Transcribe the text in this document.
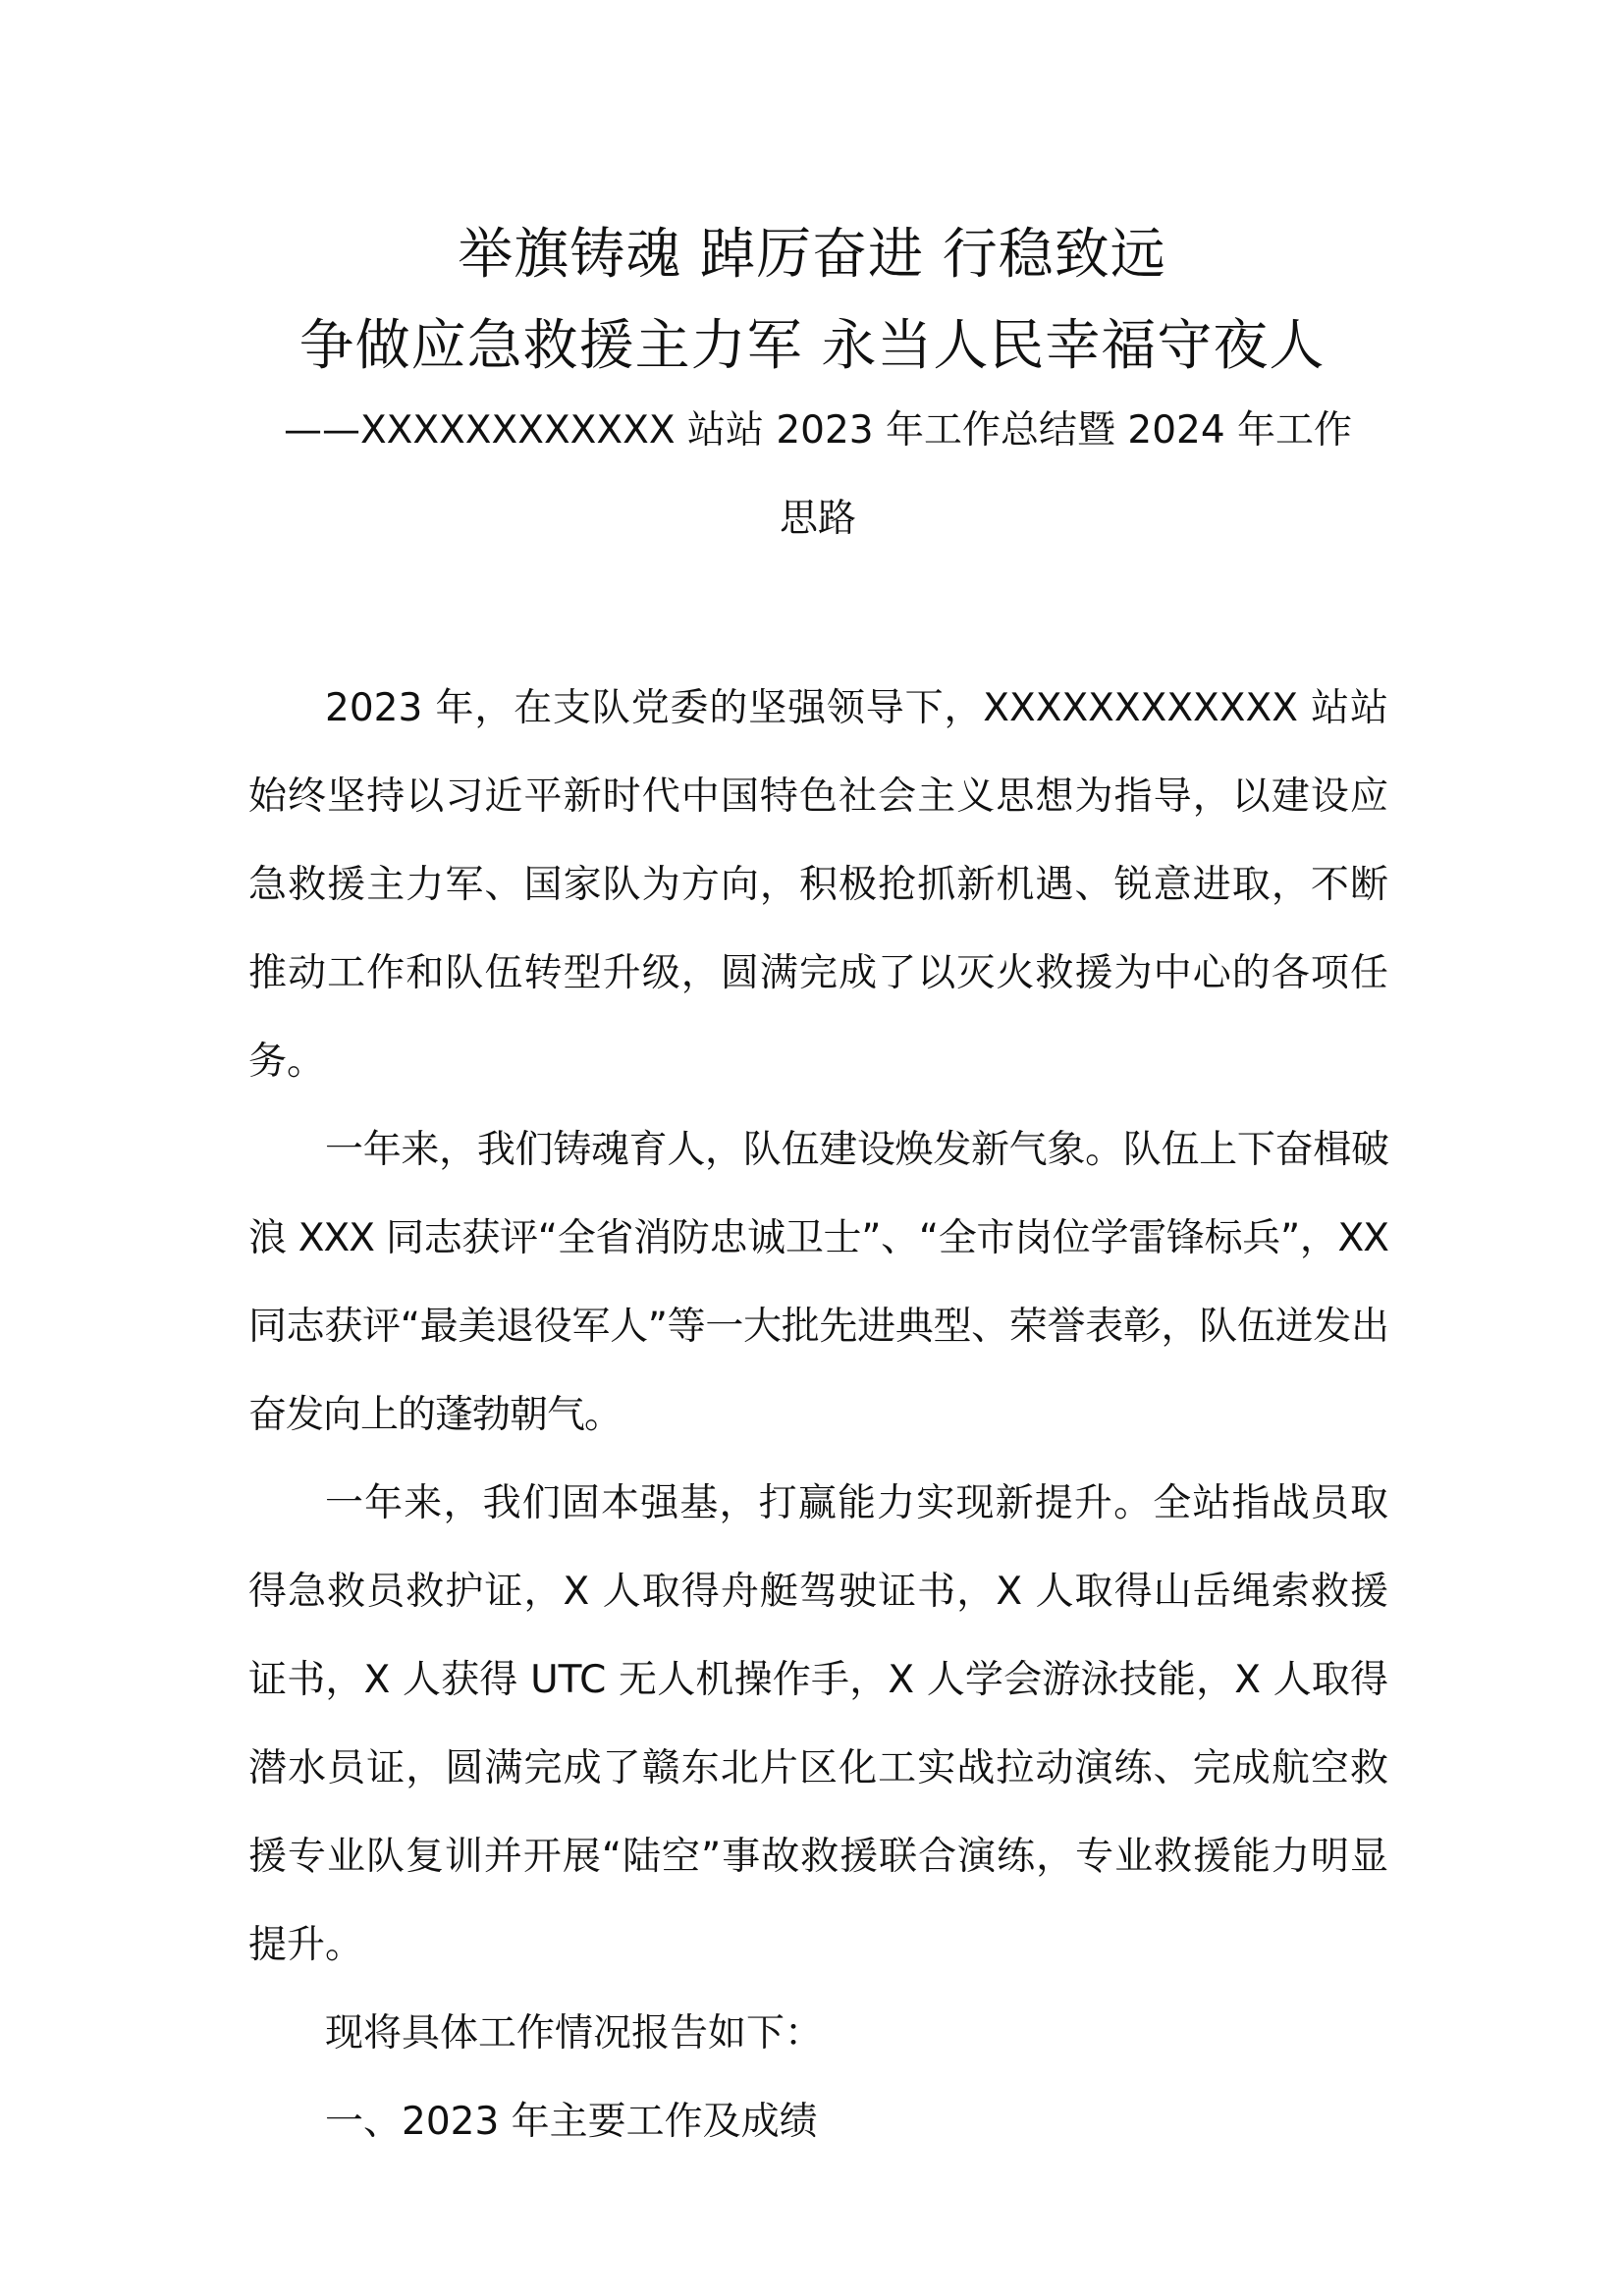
举旗铸魂 踔厉奋进 行稳致远
争做应急救援主力军 永当人民幸福守夜人

——XXXXXXXXXXXX 站站 2023 年工作总结暨 2024 年工作

思路

2023 年，在支队党委的坚强领导下，XXXXXXXXXXXX 站站始终坚持以习近平新时代中国特色社会主义思想为指导，以建设应急救援主力军、国家队为方向，积极抢抓新机遇、锐意进取，不断推动工作和队伍转型升级，圆满完成了以灭火救援为中心的各项任务。

一年来，我们铸魂育人，队伍建设焕发新气象。队伍上下奋楫破浪 XXX 同志获评“全省消防忠诚卫士”、“全市岗位学雷锋标兵”，XX 同志获评“最美退役军人”等一大批先进典型、荣誉表彰，队伍迸发出奋发向上的蓬勃朝气。

一年来，我们固本强基，打赢能力实现新提升。全站指战员取得急救员救护证，X 人取得舟艇驾驶证书，X 人取得山岳绳索救援证书，X 人获得 UTC 无人机操作手，X 人学会游泳技能，X 人取得潜水员证，圆满完成了赣东北片区化工实战拉动演练、完成航空救援专业队复训并开展“陆空”事故救援联合演练，专业救援能力明显提升。

现将具体工作情况报告如下：

一、2023 年主要工作及成绩
